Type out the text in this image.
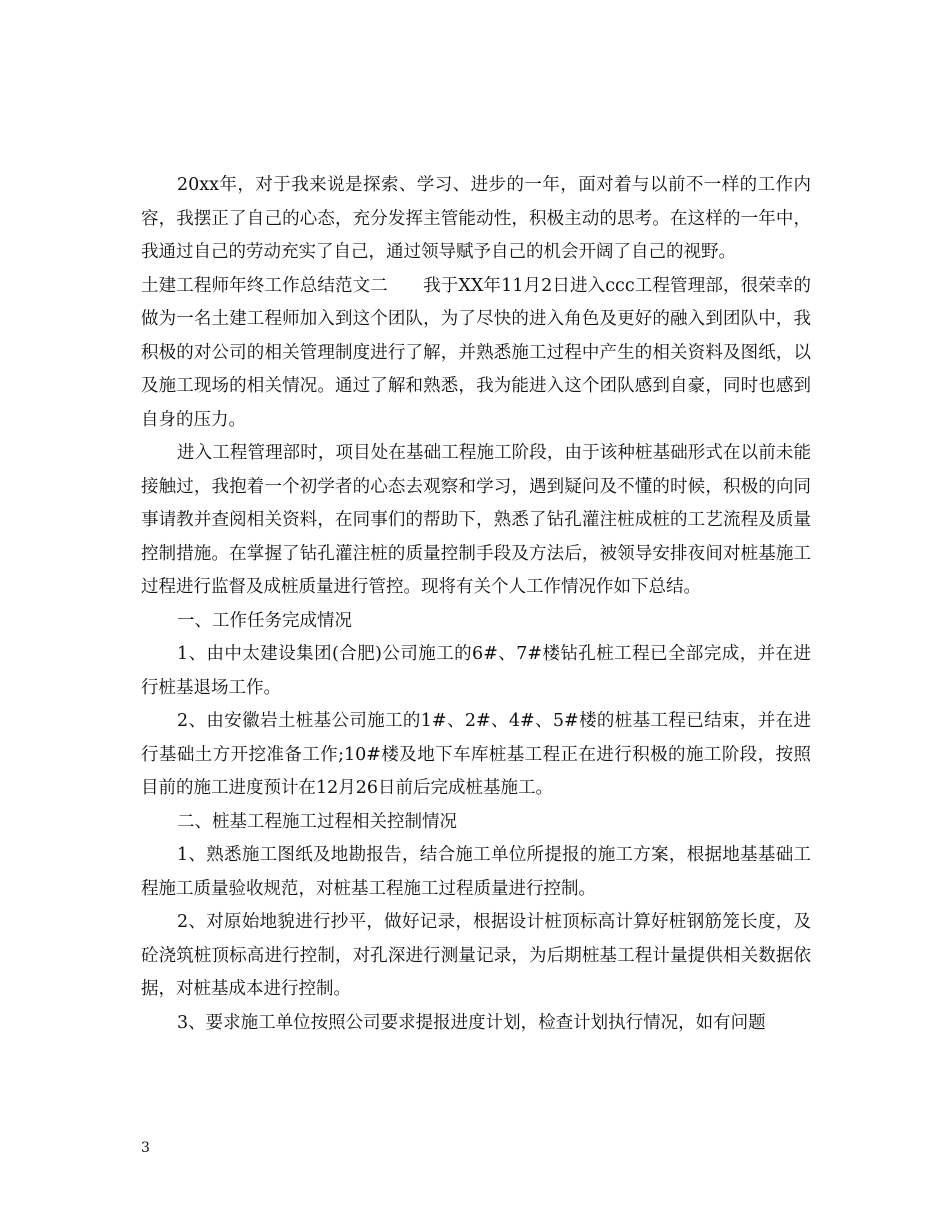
20xx年，对于我来说是探索、学习、进步的一年，面对着与以前不一样的工作内容，我摆正了自己的心态，充分发挥主管能动性，积极主动的思考。在这样的一年中，我通过自己的劳动充实了自己，通过领导赋予自己的机会开阔了自己的视野。

土建工程师年终工作总结范文二　　我于XX年11月2日进入ccc工程管理部，很荣幸的做为一名土建工程师加入到这个团队，为了尽快的进入角色及更好的融入到团队中，我积极的对公司的相关管理制度进行了解，并熟悉施工过程中产生的相关资料及图纸，以及施工现场的相关情况。通过了解和熟悉，我为能进入这个团队感到自豪，同时也感到自身的压力。

进入工程管理部时，项目处在基础工程施工阶段，由于该种桩基础形式在以前未能接触过，我抱着一个初学者的心态去观察和学习，遇到疑问及不懂的时候，积极的向同事请教并查阅相关资料，在同事们的帮助下，熟悉了钻孔灌注桩成桩的工艺流程及质量控制措施。在掌握了钻孔灌注桩的质量控制手段及方法后，被领导安排夜间对桩基施工过程进行监督及成桩质量进行管控。现将有关个人工作情况作如下总结。

一、工作任务完成情况

1、由中太建设集团(合肥)公司施工的6#、7#楼钻孔桩工程已全部完成，并在进行桩基退场工作。

2、由安徽岩土桩基公司施工的1#、2#、4#、5#楼的桩基工程已结束，并在进行基础土方开挖准备工作;10#楼及地下车库桩基工程正在进行积极的施工阶段，按照目前的施工进度预计在12月26日前后完成桩基施工。

二、桩基工程施工过程相关控制情况

1、熟悉施工图纸及地勘报告，结合施工单位所提报的施工方案，根据地基基础工程施工质量验收规范，对桩基工程施工过程质量进行控制。

2、对原始地貌进行抄平，做好记录，根据设计桩顶标高计算好桩钢筋笼长度，及砼浇筑桩顶标高进行控制，对孔深进行测量记录，为后期桩基工程计量提供相关数据依据，对桩基成本进行控制。

3、要求施工单位按照公司要求提报进度计划，检查计划执行情况，如有问题

3
